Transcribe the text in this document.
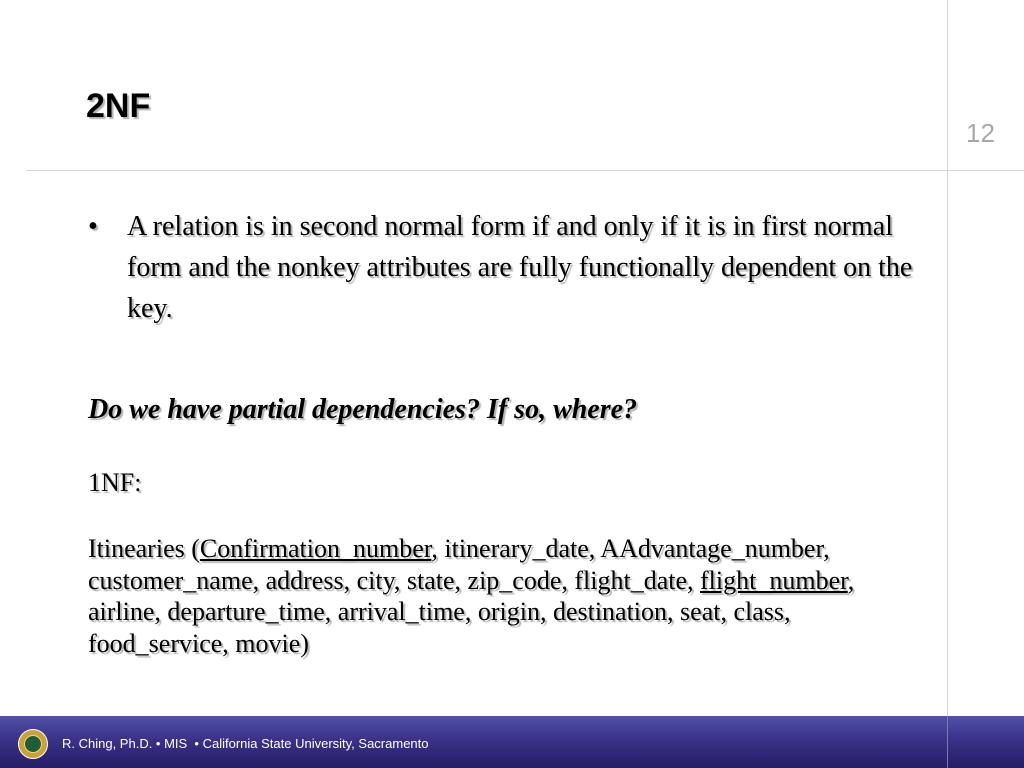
2NF
12
• A relation is in second normal form if and only if it is in first normal form and the nonkey attributes are fully functionally dependent on the key.
Do we have partial dependencies? If so, where?
1NF:
Itinearies (Confirmation_number, itinerary_date, AAdvantage_number, customer_name, address, city, state, zip_code, flight_date, flight_number, airline, departure_time, arrival_time, origin, destination, seat, class, food_service, movie)
R. Ching, Ph.D. • MIS  • California State University, Sacramento
